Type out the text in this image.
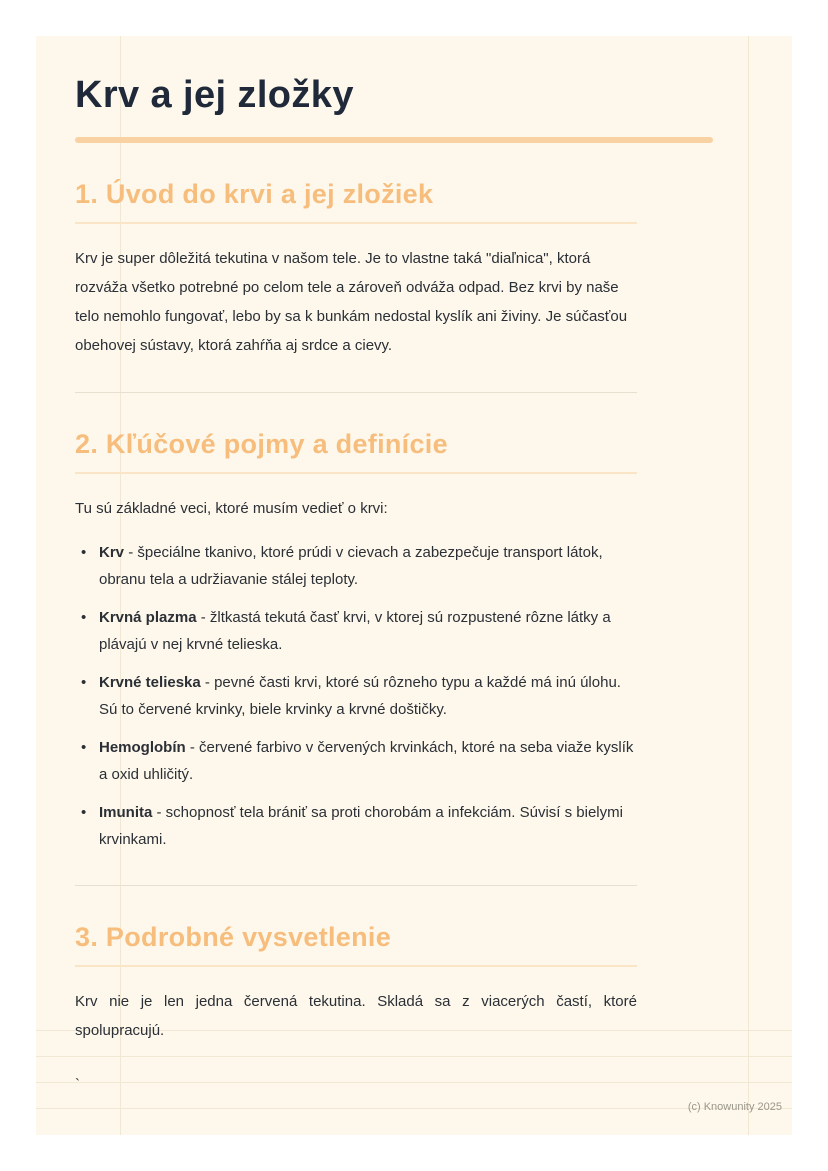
Krv a jej zložky
1. Úvod do krvi a jej zložiek

Krv je super dôležitá tekutina v našom tele. Je to vlastne taká "diaľnica", ktorá rozváža všetko potrebné po celom tele a zároveň odváža odpad. Bez krvi by naše telo nemohlo fungovať, lebo by sa k bunkám nedostal kyslík ani živiny. Je súčasťou obehovej sústavy, ktorá zahŕňa aj srdce a cievy.

2. Kľúčové pojmy a definície

Tu sú základné veci, ktoré musím vedieť o krvi:

• Krv - špeciálne tkanivo, ktoré prúdi v cievach a zabezpečuje transport látok, obranu tela a udržiavanie stálej teploty.
• Krvná plazma - žltkastá tekutá časť krvi, v ktorej sú rozpustené rôzne látky a plávajú v nej krvné telieska.
• Krvné telieska - pevné časti krvi, ktoré sú rôzneho typu a každé má inú úlohu. Sú to červené krvinky, biele krvinky a krvné doštičky.
• Hemoglobín - červené farbivo v červených krvinkách, ktoré na seba viaže kyslík a oxid uhličitý.
• Imunita - schopnosť tela brániť sa proti chorobám a infekciám. Súvisí s bielymi krvinkami.
3. Podrobné vysvetlenie

Krv nie je len jedna červená tekutina. Skladá sa z viacerých častí, ktoré spolupracujú.

`

(c) Knowunity 2025
